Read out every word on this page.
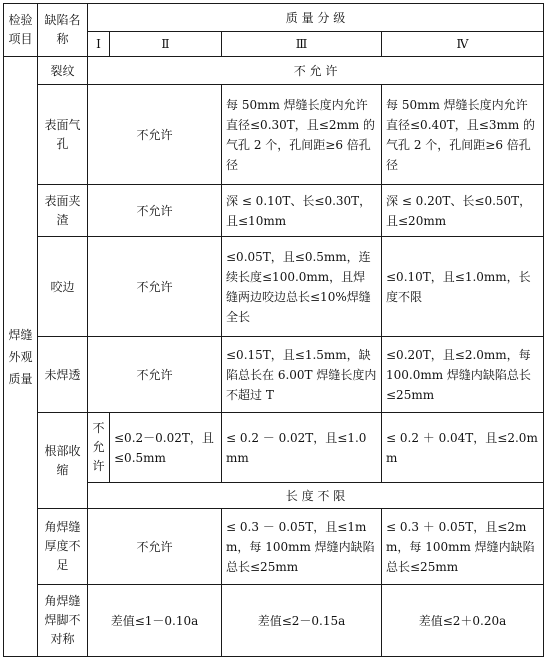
检验项目	缺陷名称	质 量 分 级			
		Ⅰ	Ⅱ	Ⅲ	Ⅳ
焊缝外观质量	裂纹	不 允 许			
	表面气孔	不允许		每 50mm 焊缝长度内允许直径≤0.30T，且≤2mm 的气孔 2 个，孔间距≥6 倍孔径	每 50mm 焊缝长度内允许直径≤0.40T，且≤3mm 的气孔 2 个，孔间距≥6 倍孔径
	表面夹渣	不允许		深 ≤ 0.10T、长≤0.30T，且≤10mm	深 ≤ 0.20T、长≤0.50T，且≤20mm
	咬边	不允许		≤0.05T，且≤0.5mm，连续长度≤100.0mm，且焊缝两边咬边总长≤10%焊缝全长	≤0.10T，且≤1.0mm，长度不限
	未焊透	不允许		≤0.15T，且≤1.5mm，缺陷总长在 6.00T 焊缝长度内不超过 T	≤0.20T，且≤2.0mm，每 100.0mm 焊缝内缺陷总长≤25mm
	根部收缩	不允许	≤0.2－0.02T，且≤0.5mm	≤ 0.2 － 0.02T，且≤1.0mm	≤ 0.2 ＋ 0.04T，且≤2.0mm
		长 度 不 限			
	角焊缝厚度不足	不允许		≤ 0.3 － 0.05T，且≤1mm，每 100mm 焊缝内缺陷总长≤25mm	≤ 0.3 ＋ 0.05T，且≤2mm，每 100mm 焊缝内缺陷总长≤25mm
	角焊缝焊脚不对称	差值≤1－0.10a		差值≤2－0.15a	差值≤2＋0.20a
